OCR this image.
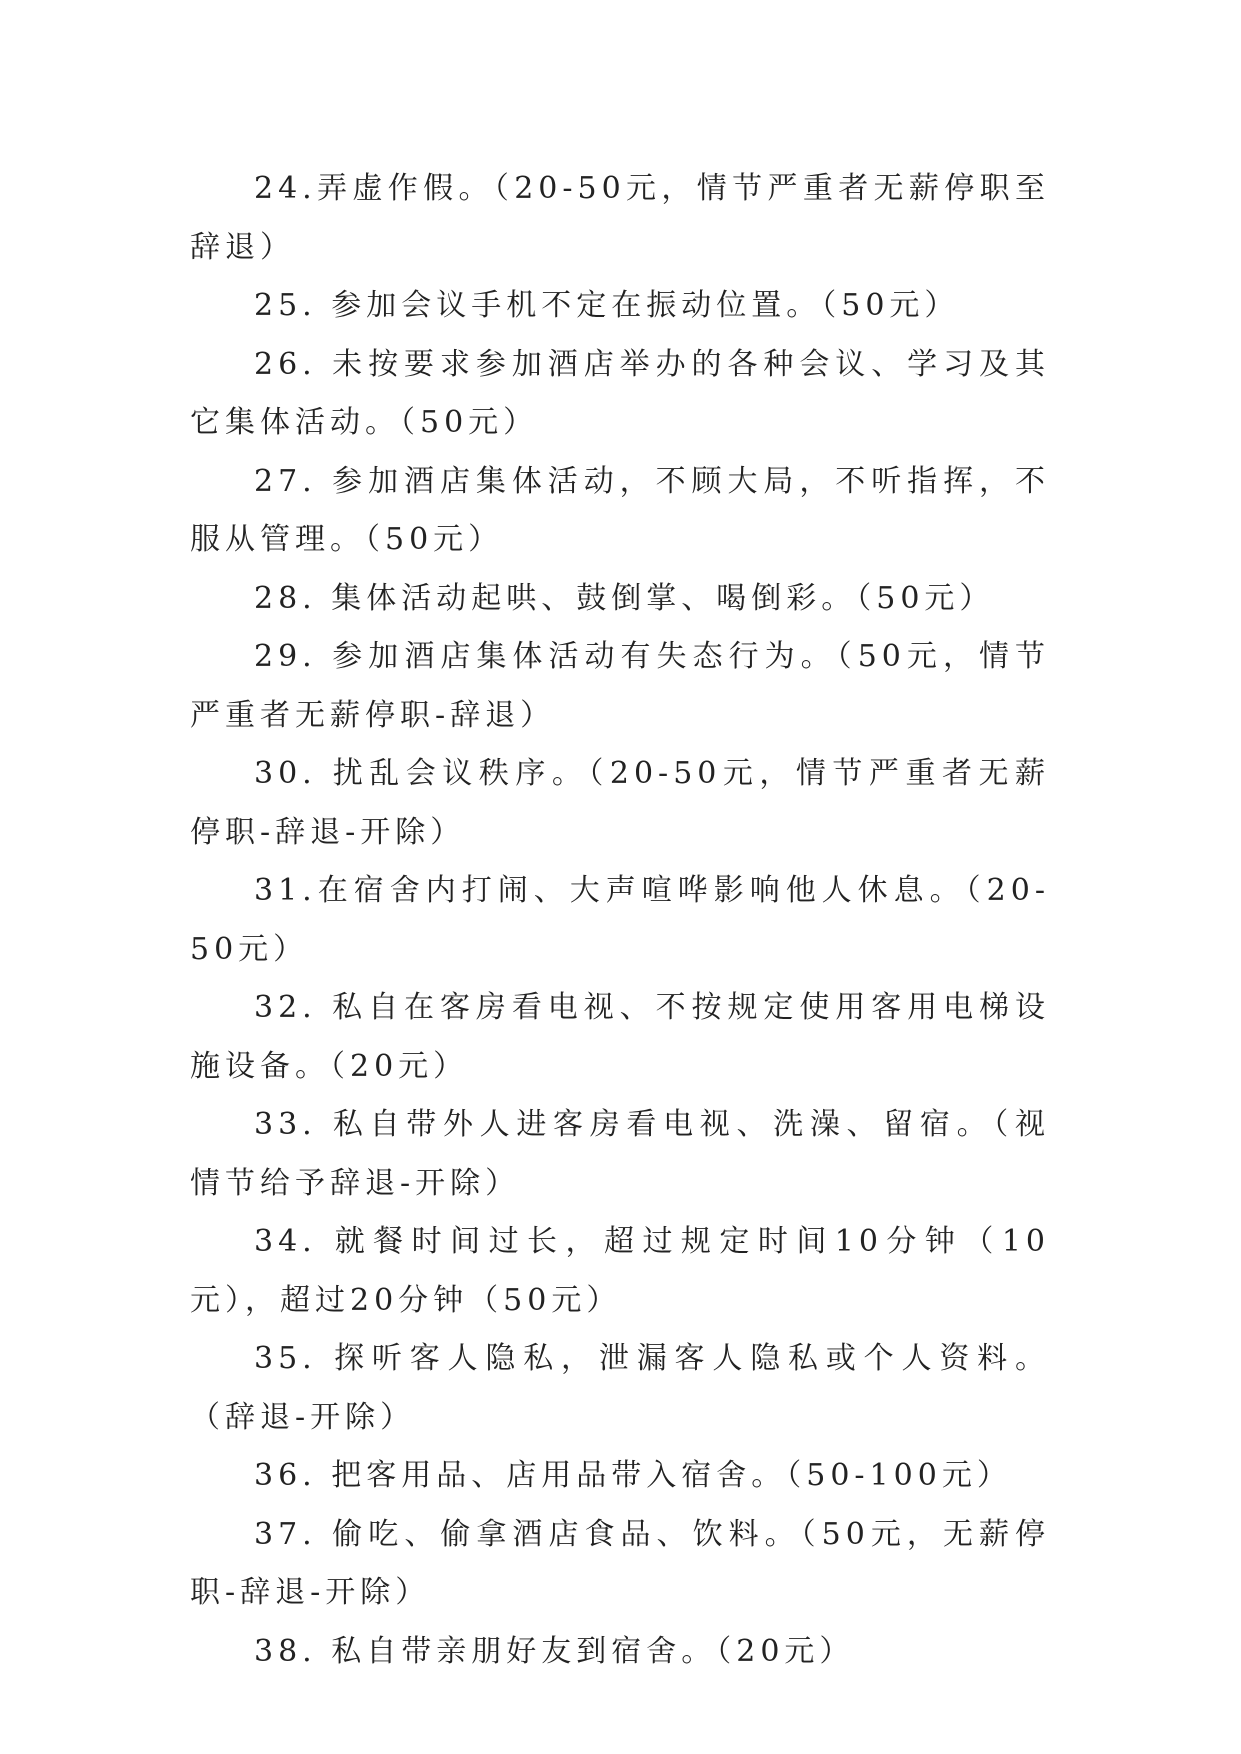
24.弄虚作假。（20-50元，情节严重者无薪停职至辞退）

25. 参加会议手机不定在振动位置。（50元）

26. 未按要求参加酒店举办的各种会议、学习及其它集体活动。（50元）

27. 参加酒店集体活动，不顾大局，不听指挥，不服从管理。（50元）

28. 集体活动起哄、鼓倒掌、喝倒彩。（50元）

29. 参加酒店集体活动有失态行为。（50元，情节严重者无薪停职-辞退）

30. 扰乱会议秩序。（20-50元，情节严重者无薪停职-辞退-开除）

31.在宿舍内打闹、大声喧哗影响他人休息。（20-50元）

32. 私自在客房看电视、不按规定使用客用电梯设施设备。（20元）

33. 私自带外人进客房看电视、洗澡、留宿。（视情节给予辞退-开除）

34. 就餐时间过长，超过规定时间10分钟（10元），超过20分钟（50元）

35. 探听客人隐私，泄漏客人隐私或个人资料。（辞退-开除）

36. 把客用品、店用品带入宿舍。（50-100元）

37. 偷吃、偷拿酒店食品、饮料。（50元，无薪停职-辞退-开除）

38. 私自带亲朋好友到宿舍。（20元）
